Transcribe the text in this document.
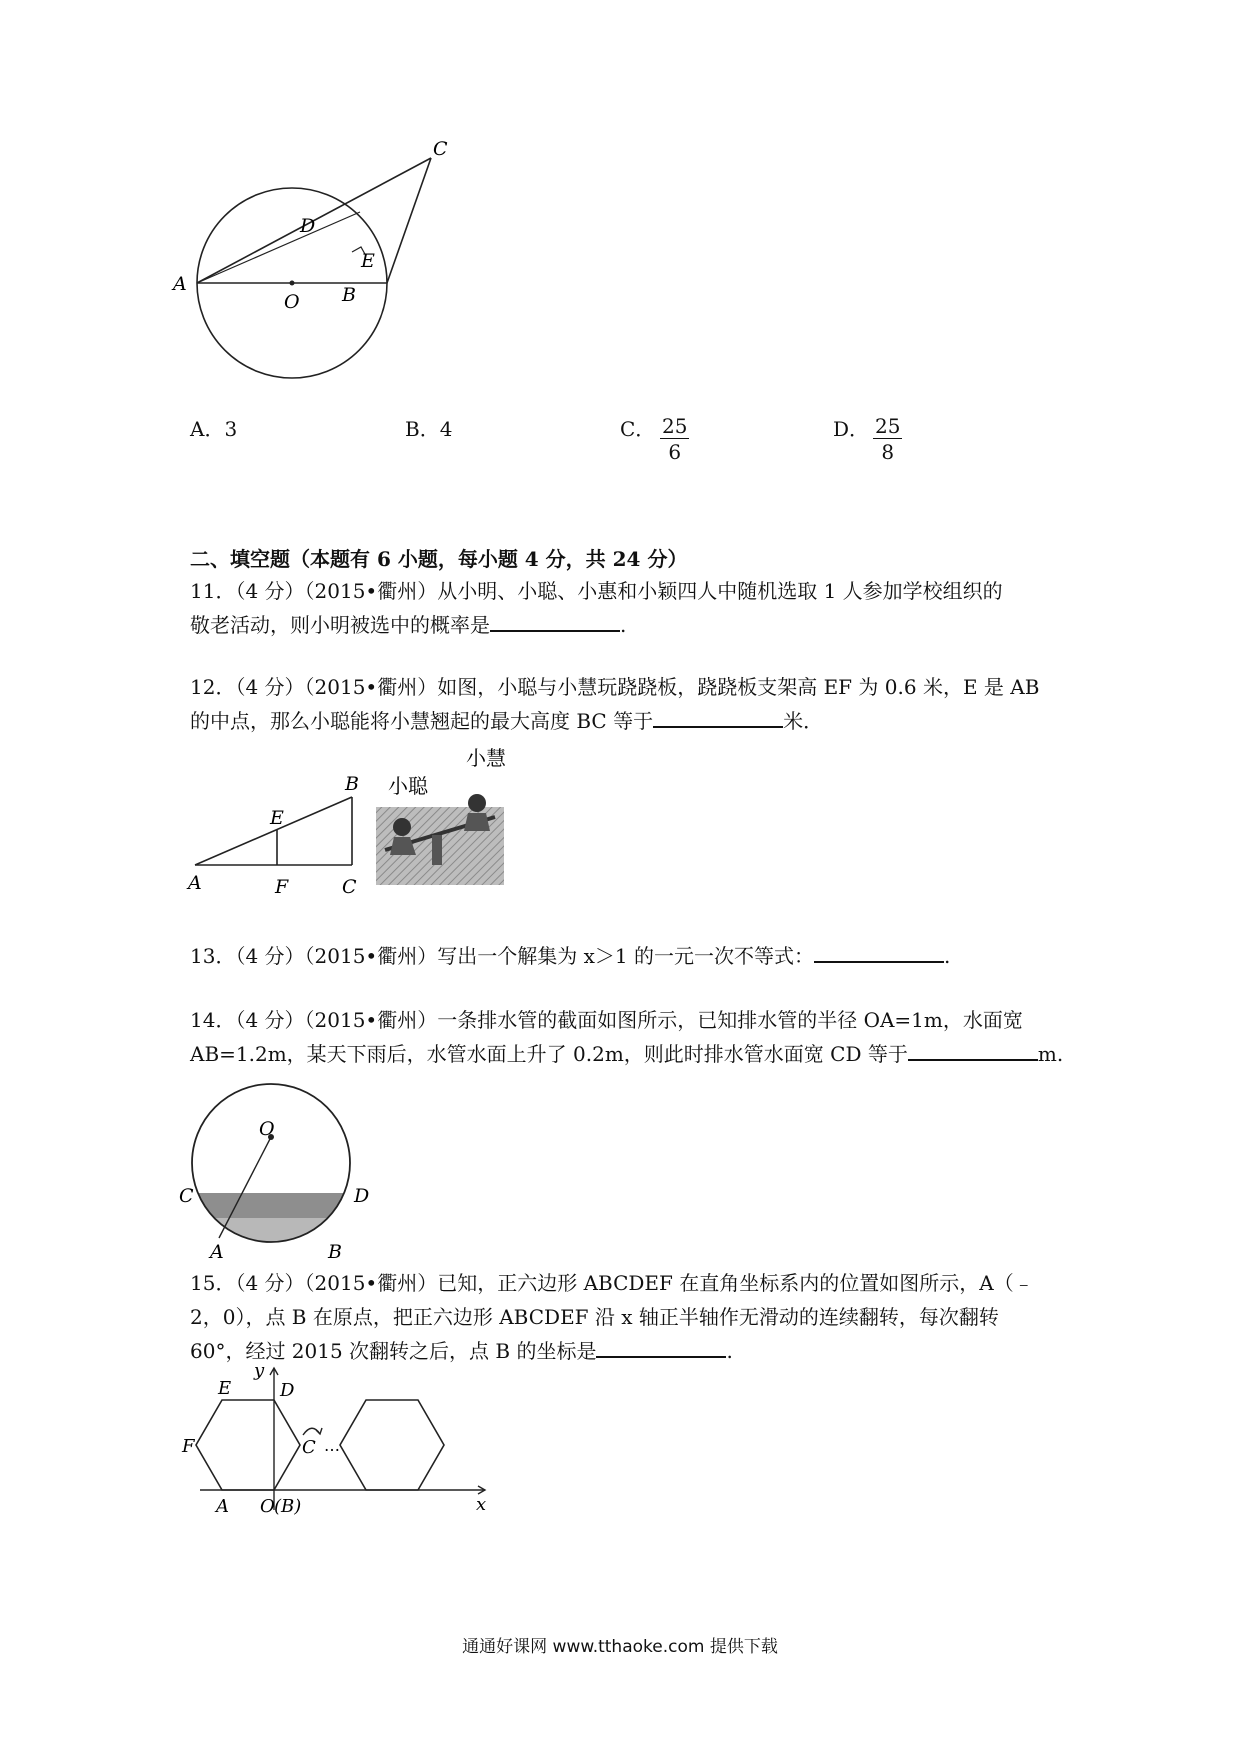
A
O B
C
D
E
A．3	B．4	C． $\frac{25}{6}$	D． $\frac{25}{8}$
二、填空题（本题有 6 小题，每小题 4 分，共 24 分）
11．（4 分）（2015•衢州）从小明、小聪、小惠和小颖四人中随机选取 1 人参加学校组织的
敬老活动，则小明被选中的概率是	.
12．（4 分）（2015•衢州）如图，小聪与小慧玩跷跷板，跷跷板支架高 EF 为 0.6 米，E 是 AB
的中点，那么小聪能将小慧翘起的最大高度 BC 等于	米．
A	F	C
E
B 小聪
小慧
13．（4 分）（2015•衢州）写出一个解集为 x＞1 的一元一次不等式：	.
14．（4 分）（2015•衢州）一条排水管的截面如图所示，已知排水管的半径 OA=1m，水面宽
AB=1.2m，某天下雨后，水管水面上升了 0.2m，则此时排水管水面宽 CD 等于	m.
O
C	D
A	B
15．（4 分）（2015•衢州）已知，正六边形 ABCDEF 在直角坐标系内的位置如图所示，A（﹣
2，0），点 B 在原点，把正六边形 ABCDEF 沿 x 轴正半轴作无滑动的连续翻转，每次翻转
60°，经过 2015 次翻转之后，点 B 的坐标是	.
y
E	D
F	C …
A O (B)	x
通通好课网 www.tthaoke.com 提供下载
